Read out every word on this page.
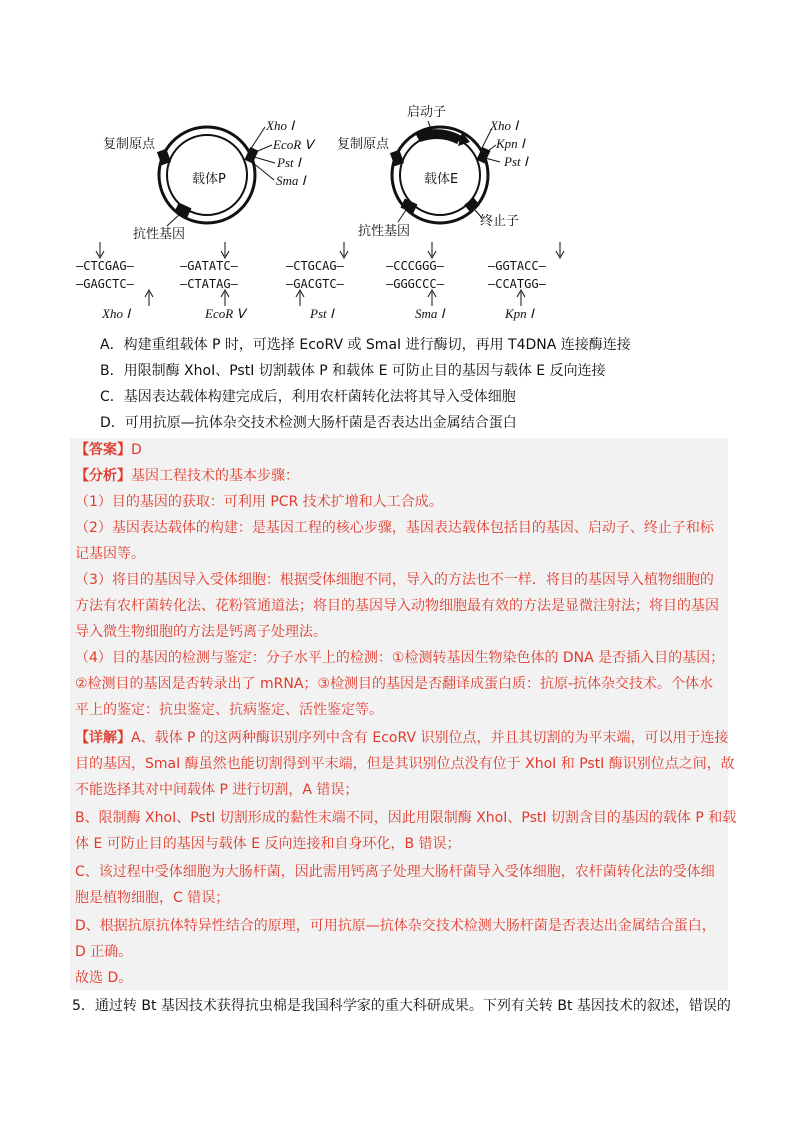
载体P
复制原点
抗性基因
Xho Ⅰ
EcoR Ⅴ
Pst Ⅰ
Sma Ⅰ	载体E
复制原点
抗性基因
启动子
终止子
Xho Ⅰ
Kpn Ⅰ
Pst Ⅰ
—CTCGAG—
—GAGCTC—
Xho Ⅰ
—GATATC—
—CTATAG—
EcoR Ⅴ
—CTGCAG—
—GACGTC—
Pst Ⅰ
—CCCGGG—
—GGGCCC—
Sma Ⅰ
—GGTACC—
—CCATGG—
Kpn Ⅰ
A．构建重组载体 P 时，可选择 EcoRV 或 SmaI 进行酶切，再用 T4DNA 连接酶连接
B．用限制酶 XhoI、PstI 切割载体 P 和载体 E 可防止目的基因与载体 E 反向连接
C．基因表达载体构建完成后，利用农杆菌转化法将其导入受体细胞
D．可用抗原—抗体杂交技术检测大肠杆菌是否表达出金属结合蛋白
【答案】D
【分析】基因工程技术的基本步骤：
（1）目的基因的获取：可利用 PCR 技术扩增和人工合成。
（2）基因表达载体的构建：是基因工程的核心步骤，基因表达载体包括目的基因、启动子、终止子和标
记基因等。
（3）将目的基因导入受体细胞：根据受体细胞不同，导入的方法也不一样．将目的基因导入植物细胞的
方法有农杆菌转化法、花粉管通道法；将目的基因导入动物细胞最有效的方法是显微注射法；将目的基因
导入微生物细胞的方法是钙离子处理法。
（4）目的基因的检测与鉴定：分子水平上的检测：①检测转基因生物染色体的 DNA 是否插入目的基因；
②检测目的基因是否转录出了 mRNA；③检测目的基因是否翻译成蛋白质：抗原-抗体杂交技术。个体水
平上的鉴定：抗虫鉴定、抗病鉴定、活性鉴定等。
【详解】A、载体 P 的这两种酶识别序列中含有 EcoRV 识别位点，并且其切割的为平末端，可以用于连接
目的基因，SmaI 酶虽然也能切割得到平末端，但是其识别位点没有位于 XhoI 和 PstI 酶识别位点之间，故
不能选择其对中间载体 P 进行切割，A 错误；
B、限制酶 XhoI、PstI 切割形成的黏性末端不同，因此用限制酶 XhoI、PstI 切割含目的基因的载体 P 和载
体 E 可防止目的基因与载体 E 反向连接和自身环化，B 错误；
C、该过程中受体细胞为大肠杆菌，因此需用钙离子处理大肠杆菌导入受体细胞，农杆菌转化法的受体细
胞是植物细胞，C 错误；
D、根据抗原抗体特异性结合的原理，可用抗原—抗体杂交技术检测大肠杆菌是否表达出金属结合蛋白，
D 正确。
故选 D。
5．通过转 Bt 基因技术获得抗虫棉是我国科学家的重大科研成果。下列有关转 Bt 基因技术的叙述，错误的
